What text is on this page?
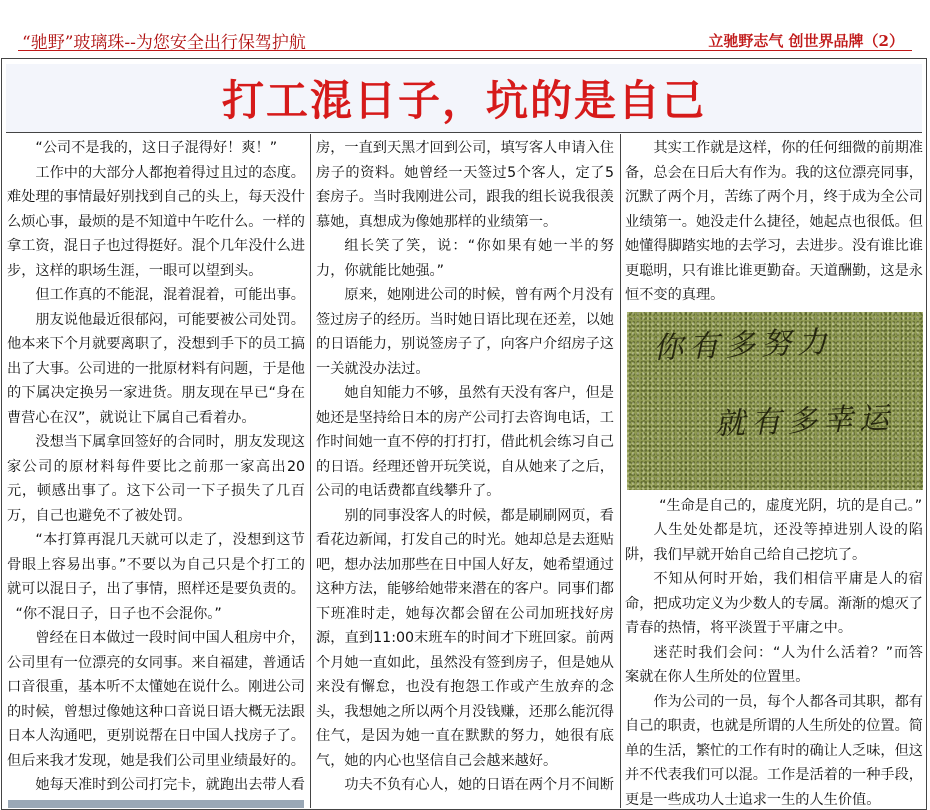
“驰野”玻璃珠--为您安全出行保驾护航	立驰野志气 创世界品牌（2）
打工混日子，坑的是自己

“公司不是我的，这日子混得好！爽！”

工作中的大部分人都抱着得过且过的态度。难处理的事情最好别找到自己的头上，每天没什么烦心事，最烦的是不知道中午吃什么。一样的拿工资，混日子也过得挺好。混个几年没什么进步，这样的职场生涯，一眼可以望到头。

但工作真的不能混，混着混着，可能出事。

朋友说他最近很郁闷，可能要被公司处罚。他本来下个月就要离职了，没想到手下的员工搞出了大事。公司进的一批原材料有问题，于是他的下属决定换另一家进货。朋友现在早已“身在曹营心在汉”，就说让下属自己看着办。

没想当下属拿回签好的合同时，朋友发现这家公司的原材料每件要比之前那一家高出20元，顿感出事了。这下公司一下子损失了几百万，自己也避免不了被处罚。

“本打算再混几天就可以走了，没想到这节骨眼上容易出事。”不要以为自己只是个打工的就可以混日子，出了事情，照样还是要负责的。

“你不混日子，日子也不会混你。”

曾经在日本做过一段时间中国人租房中介，公司里有一位漂亮的女同事。来自福建，普通话口音很重，基本听不太懂她在说什么。刚进公司的时候，曾想过像她这种口音说日语大概无法跟日本人沟通吧，更别说帮在日中国人找房子了。但后来我才发现，她是我们公司里业绩最好的。

她每天准时到公司打完卡，就跑出去带人看

房，一直到天黑才回到公司，填写客人申请入住房子的资料。她曾经一天签过5个客人，定了5套房子。当时我刚进公司，跟我的组长说我很羡慕她，真想成为像她那样的业绩第一。

组长笑了笑，说：“你如果有她一半的努力，你就能比她强。”

原来，她刚进公司的时候，曾有两个月没有签过房子的经历。当时她日语比现在还差，以她的日语能力，别说签房子了，向客户介绍房子这一关就没办法过。

她自知能力不够，虽然有天没有客户，但是她还是坚持给日本的房产公司打去咨询电话，工作时间她一直不停的打打打，借此机会练习自己的日语。经理还曾开玩笑说，自从她来了之后，公司的电话费都直线攀升了。

别的同事没客人的时候，都是刷刷网页，看看花边新闻，打发自己的时光。她却总是去逛贴吧，想办法加那些在日中国人好友，她希望通过这种方法，能够给她带来潜在的客户。同事们都下班准时走，她每次都会留在公司加班找好房源，直到11:00末班车的时间才下班回家。前两个月她一直如此，虽然没有签到房子，但是她从来没有懈怠，也没有抱怨工作或产生放弃的念头，我想她之所以两个月没钱赚，还那么能沉得住气，是因为她一直在默默的努力，她很有底气，她的内心也坚信自己会越来越好。

功夫不负有心人，她的日语在两个月不间断

其实工作就是这样，你的任何细微的前期准备，总会在日后大有作为。我的这位漂亮同事，沉默了两个月，苦练了两个月，终于成为全公司业绩第一。她没走什么捷径，她起点也很低。但她懂得脚踏实地的去学习，去进步。没有谁比谁更聪明，只有谁比谁更勤奋。天道酬勤，这是永恒不变的真理。

你有多努力
就有多幸运

“生命是自己的，虚度光阴，坑的是自己。”

人生处处都是坑，还没等掉进别人设的陷阱，我们早就开始自己给自己挖坑了。

不知从何时开始，我们相信平庸是人的宿命，把成功定义为少数人的专属。渐渐的熄灭了青春的热情，将平淡置于平庸之中。

迷茫时我们会问：“人为什么活着？”而答案就在你人生所处的位置里。

作为公司的一员，每个人都各司其职，都有自己的职责，也就是所谓的人生所处的位置。简单的生活，繁忙的工作有时的确让人乏味，但这并不代表我们可以混。工作是活着的一种手段，更是一些成功人士追求一生的人生价值。
